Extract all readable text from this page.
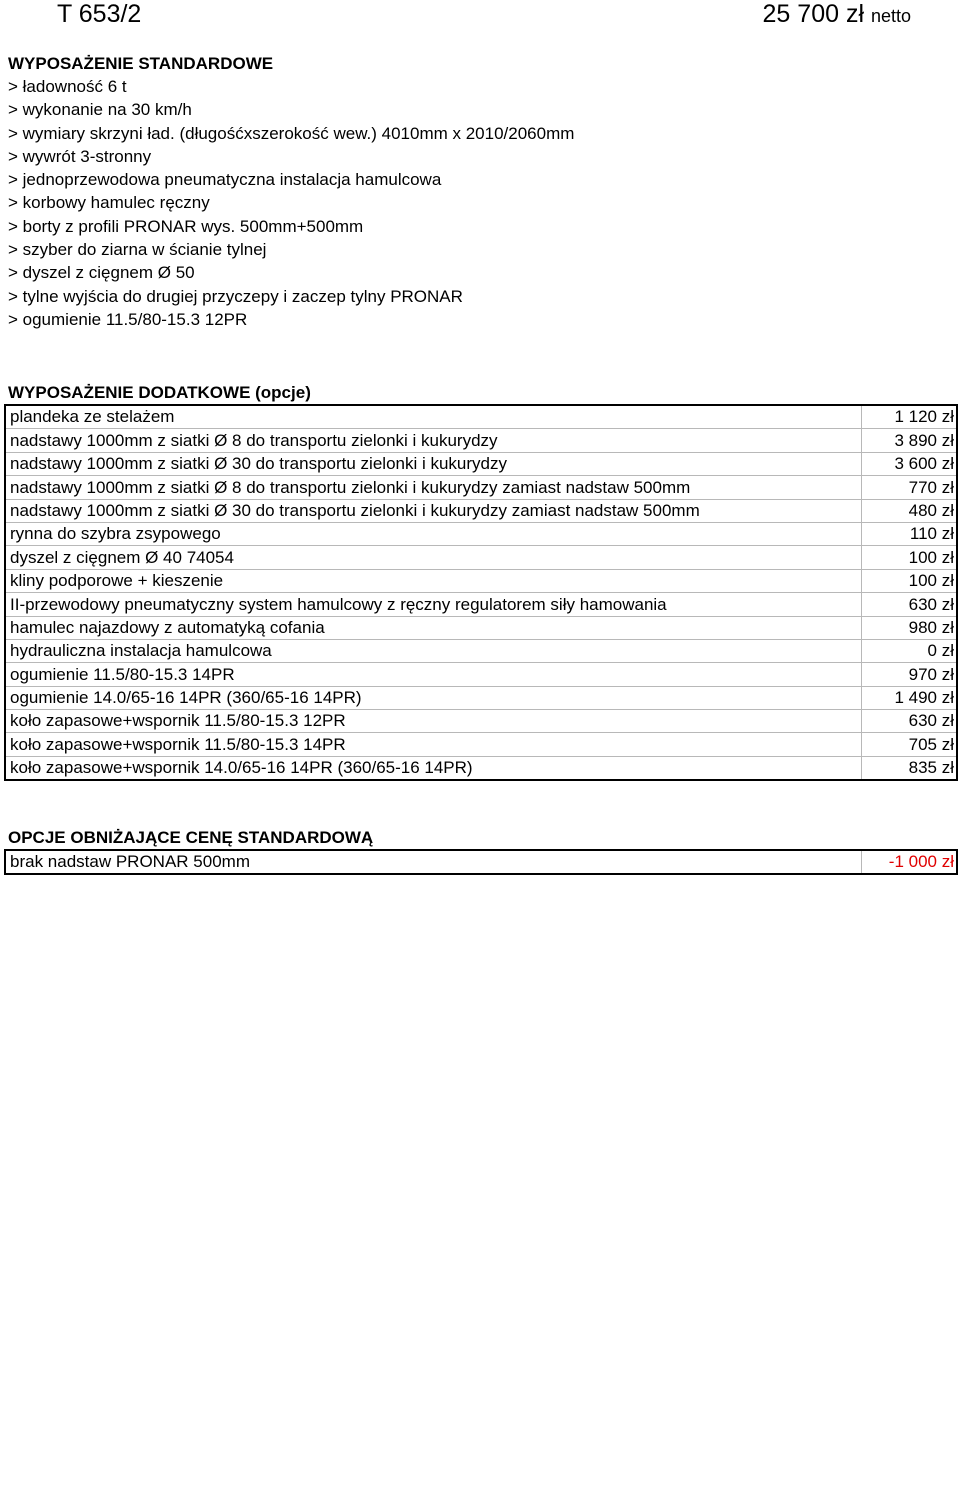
T 653/2	25 700 zł netto
WYPOSAŻENIE STANDARDOWE
> ładowność 6 t
> wykonanie na 30 km/h
> wymiary skrzyni ład. (długośćxszerokość wew.) 4010mm x 2010/2060mm
> wywrót 3-stronny
> jednoprzewodowa pneumatyczna instalacja hamulcowa
> korbowy hamulec ręczny
> borty z profili PRONAR wys. 500mm+500mm
> szyber do ziarna w ścianie tylnej
> dyszel z cięgnem Ø 50
> tylne wyjścia do drugiej przyczepy i zaczep tylny PRONAR
> ogumienie 11.5/80-15.3 12PR
WYPOSAŻENIE DODATKOWE (opcje)
plandeka ze stelażem	1 120 zł
nadstawy 1000mm z siatki Ø 8 do transportu zielonki i kukurydzy	3 890 zł
nadstawy 1000mm z siatki Ø 30 do transportu zielonki i kukurydzy	3 600 zł
nadstawy 1000mm z siatki Ø 8 do transportu zielonki i kukurydzy zamiast nadstaw 500mm	770 zł
nadstawy 1000mm z siatki Ø 30 do transportu zielonki i kukurydzy zamiast nadstaw 500mm	480 zł
rynna do szybra zsypowego	110 zł
dyszel z cięgnem Ø 40 74054	100 zł
kliny podporowe + kieszenie	100 zł
II-przewodowy pneumatyczny system hamulcowy z ręczny regulatorem siły hamowania	630 zł
hamulec najazdowy z automatyką cofania	980 zł
hydrauliczna instalacja hamulcowa	0 zł
ogumienie 11.5/80-15.3 14PR	970 zł
ogumienie 14.0/65-16 14PR (360/65-16 14PR)	1 490 zł
koło zapasowe+wspornik 11.5/80-15.3 12PR	630 zł
koło zapasowe+wspornik 11.5/80-15.3 14PR	705 zł
koło zapasowe+wspornik 14.0/65-16 14PR (360/65-16 14PR)	835 zł
OPCJE OBNIŻAJĄCE CENĘ STANDARDOWĄ
brak nadstaw PRONAR 500mm	-1 000 zł
